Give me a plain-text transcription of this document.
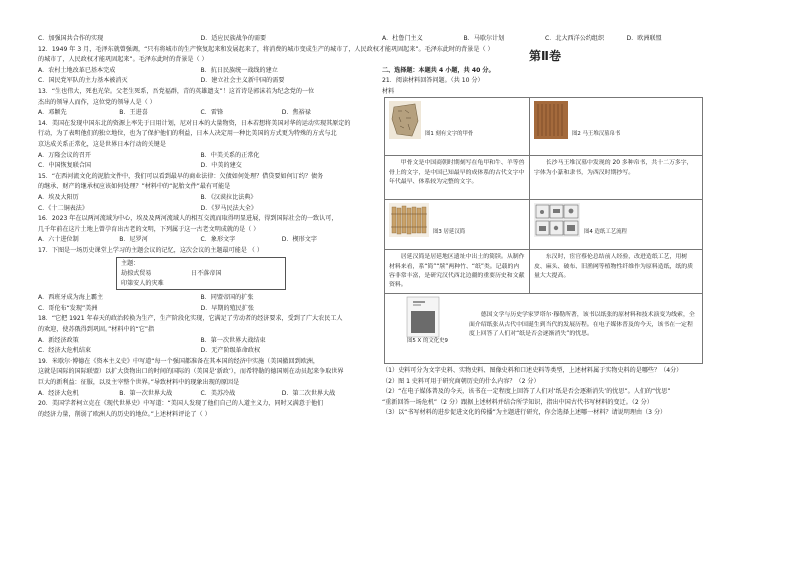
C．加强国共合作的实现	D．适应民族战争的需要
12．1949 年 3 月，毛泽东就曾强调，“只有将城市的生产恢复起来和发展起来了，将消费的城市变成生产的城市了，人民政权才能巩固起来”。毛泽东此时的背景是（ ）
的城市了，人民政权才能巩固起来”。毛泽东此时的背景是（ ）
A．农村土地改革已基本完成	B．抗日民族统一战线的建立
C．国民党军队的主力基本被消灭	D．建立社会主义新中国的需要
13．“生也伟大，死也光荣。父老生死系，吾党福群，青的英雄遗支”！这首诗是郭沫若为纪念党的一位
杰出的领导人而作，这位党的领导人是（ ）
A．邓颖先	B．王进喜	C．雷锋	D．焦裕禄
14．美国在发现中国东北的资源上率先于日用计划，尼对日本的大量物资，日本若想将美国对华的运动实现其原定的
行动，为了表明他们的独立地位，也为了保护他们的利益，日本人决定用一种比美国的方式更为特殊的方式与北
京达成关系正常化，这是世界日本行动的关键是
A．万隆会议的召开	B．中美关系的正常化
C．中国恢复联合国	D．中美的建交
15．“在西河流文化的泥胎文件中，我们可以看到最早的商业法律：欠债如何处理？借贷要如何订约？债务
的继承、财产的继承权应该如何处理？”材料中的“泥胎文件”最有可能是
A．埃及大阳历	B．《汉谟拉比法典》
C．《十二铜表法》	D．《罗马民法大全》
16．2023 年在以两河流域为中心，埃及及两河流域人的相互交流而取得明显进展，得到国际社会的一致认可，
几千年前在这片土地上曾孕育出古老的文明，下列属于这一古老文明成就的是（ ）
A．六十进位制	B．尼罗河	C．象形文字	D．楔形文字
17．下图是一场历史课堂上学习的主题会议的记忆，这次会议的主题最可能是 （ ）
主题：
劫掠式贸易	日不落帝国
印第安人的灾难
A．西班牙成为海上霸主	B．同盟帝国的扩张
C．哥伦布“发现”美洲	D．早期的殖民扩张
18．“它把 1921 年春天的政治转换为生产，生产阶段化实现，它满足了劳动者的经济要求，受到了广大农民工人
的欢迎，使苏俄得到巩固。”材料中的“它”指
A．新经济政策	B．第一次世界大战结束
C．经济大危机结束	D．无产阶级革命政权
19．米歇尔·博德在《资本主义史》中写道“每一个强国都准备在其本国的经济中实施（美国撤回到欧洲，
这就是国际的国际联盟）以扩大货物出口的时间的国际的（美国是‘新政’），而希特勒的德国则在动员起来争取世界
巨大的新利益：征服，以及主宰整个世界。”导致材料中的现象出现的原因是
A．经济大危机	B．第一次世界大战	C．美苏冷战	D．第二次世界大战
20．美国学者柯立克在《现代世界史》中写道：“美国人发现了他们自己的人道主义力，同时又满意于他们
的经济力量，削弱了欧洲人的历史的地位。”上述材料评论了（ ）
A．杜鲁门主义	B．马歇尔计划	C．北大西洋公约组织	D．欧洲联盟
第Ⅱ卷
二、选择题：本题共 4 小题，共 40 分。
21．阅读材料回答问题。（共 10 分）
材料
图1 刻有文字的甲骨	图2 马王堆汉墓帛书

甲骨文是中国商朝时期刻写在龟甲和牛、羊等兽骨上的文字，是中国已知最早的成体系的古代文字中年代最早、体系较为完整的文字。	长沙马王堆汉墓中发现的 20 多种帛书，共十二万多字，字体为小篆和隶书，为西汉时期抄写。

图3 居延汉简	图4 造纸工艺流程

居延汉简是居延地区遗址中出土的简牍。从制作材料来看，系“简”“牍”两种竹、“纸”类。记载的内容非常丰富，是研究汉代西北边疆的重要历史和文献资料。	东汉时，宦官蔡伦总结前人经验，改进造纸工艺，用树皮、麻头、破布、旧渔网等植物性纤维作为原料造纸，纸的质量大大提高。

图5 X 的文化史9
德国文学与历史学家罗塔尔·穆勒所著，该书以纸张的原材料和技术演变为线索，全面介绍纸张从古代中国诞生到当代的发展历程。在电子媒体普及的今天，该书在一定程度上回答了人们对“纸是否会逐渐消失”的忧思。	
（1）史料可分为文字史料、实物史料、图像史料和口述史料等类型，上述材料属于实物史料的是哪些？（4分）
（2）图 1 史料可用于研究商朝历史的什么内容？（2 分）
（2）“在电子媒体普及的今天，该书在一定程度上回答了人们对‘纸是否会逐渐消失’的忧思”。人们的“忧思”
“重新回答一场危机”（2 分）跟据上述材料并结合所学知识，指出中国古代书写材料的变迁。（2 分）
（3）以“书写材料的进步促进文化的传播”为主题进行研究，你会选择上述哪一材料？请说明理由（3 分）
